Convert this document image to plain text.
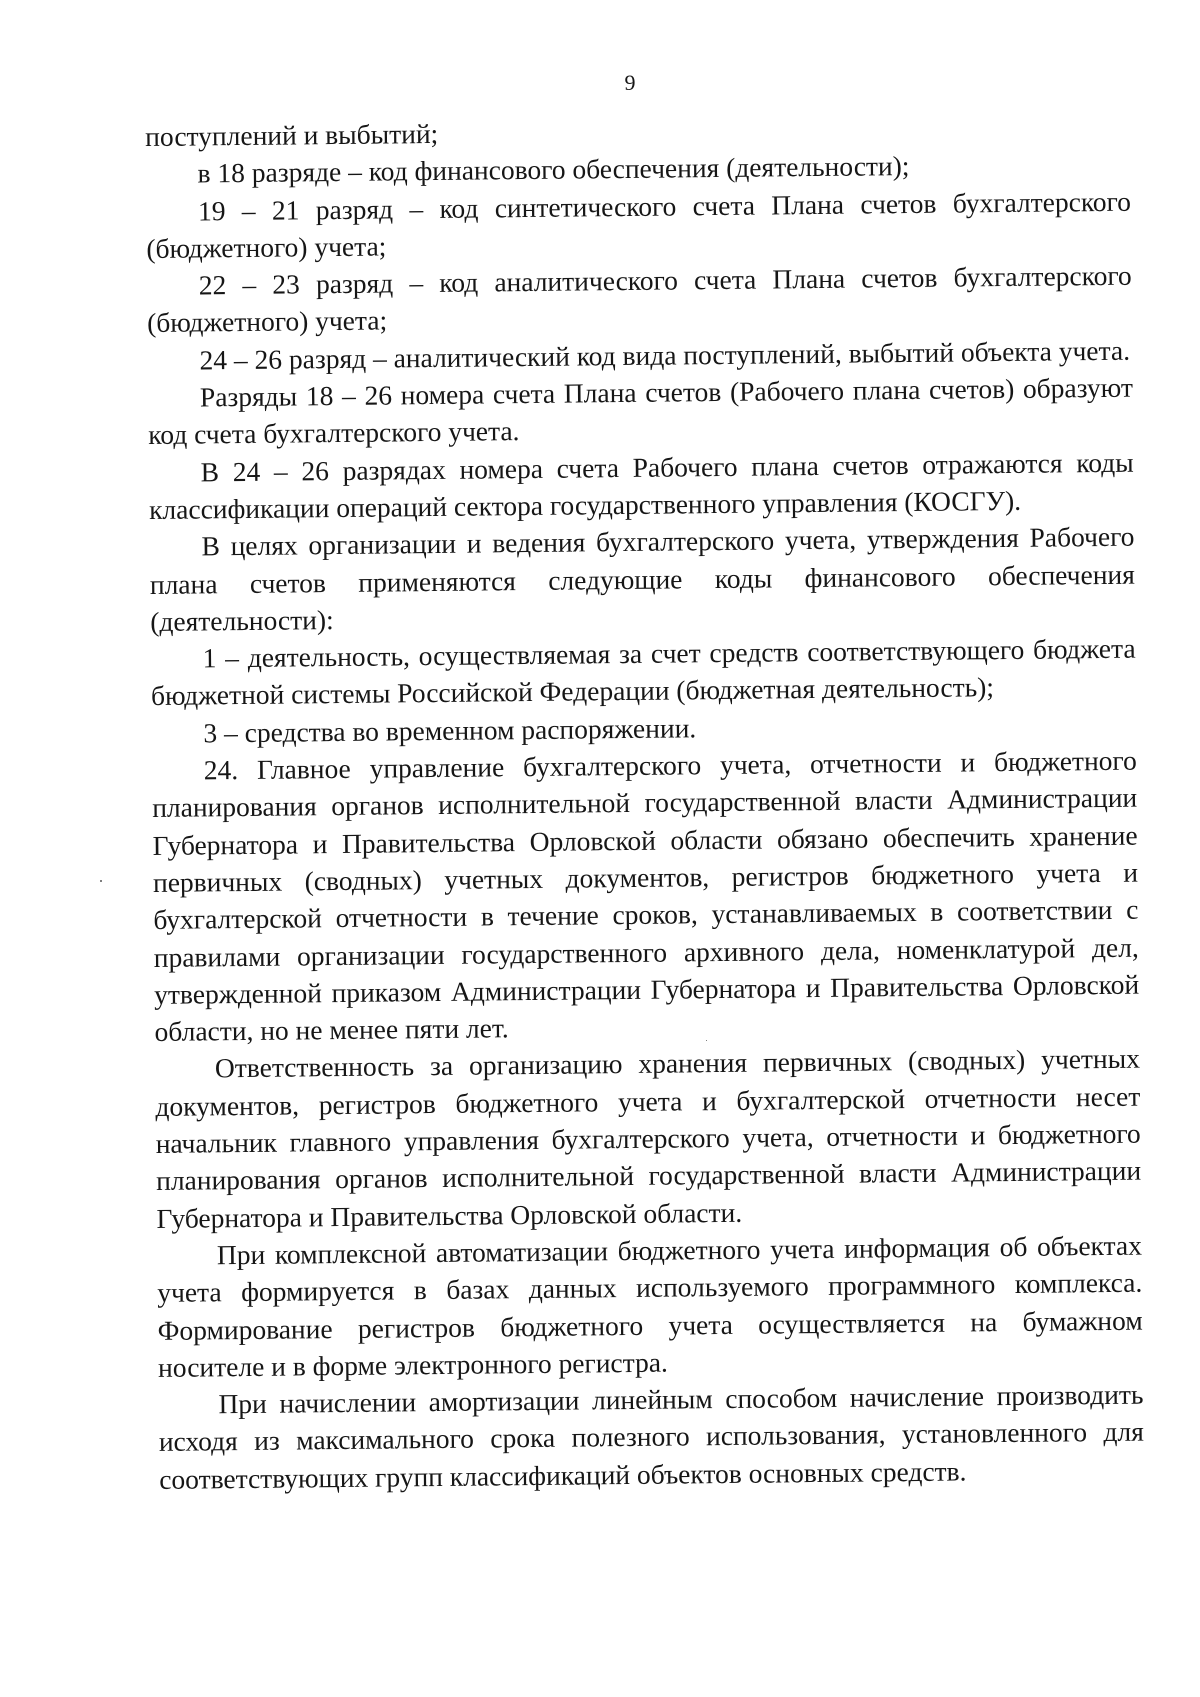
9

поступлений и выбытий;

в 18 разряде – код финансового обеспечения (деятельности);

19 – 21 разряд – код синтетического счета Плана счетов бухгалтерского (бюджетного) учета;

22 – 23 разряд – код аналитического счета Плана счетов бухгалтерского (бюджетного) учета;

24 – 26 разряд – аналитический код вида поступлений, выбытий объекта учета.

Разряды 18 – 26 номера счета Плана счетов (Рабочего плана счетов) образуют код счета бухгалтерского учета.

В 24 – 26 разрядах номера счета Рабочего плана счетов отражаются коды классификации операций сектора государственного управления (КОСГУ).

В целях организации и ведения бухгалтерского учета, утверждения Рабочего плана счетов применяются следующие коды финансового обеспечения (деятельности):

1 – деятельность, осуществляемая за счет средств соответствующего бюджета бюджетной системы Российской Федерации (бюджетная деятельность);

3 – средства во временном распоряжении.

24. Главное управление бухгалтерского учета, отчетности и бюджетного планирования органов исполнительной государственной власти Администрации Губернатора и Правительства Орловской области обязано обеспечить хранение первичных (сводных) учетных документов, регистров бюджетного учета и бухгалтерской отчетности в течение сроков, устанавливаемых в соответствии с правилами организации государственного архивного дела, номенклатурой дел, утвержденной приказом Администрации Губернатора и Правительства Орловской области, но не менее пяти лет.

Ответственность за организацию хранения первичных (сводных) учетных документов, регистров бюджетного учета и бухгалтерской отчетности несет начальник главного управления бухгалтерского учета, отчетности и бюджетного планирования органов исполнительной государственной власти Администрации Губернатора и Правительства Орловской области.

При комплексной автоматизации бюджетного учета информация об объектах учета формируется в базах данных используемого программного комплекса. Формирование регистров бюджетного учета осуществляется на бумажном носителе и в форме электронного регистра.

При начислении амортизации линейным способом начисление производить исходя из максимального срока полезного использования, установленного для соответствующих групп классификаций объектов основных средств.
